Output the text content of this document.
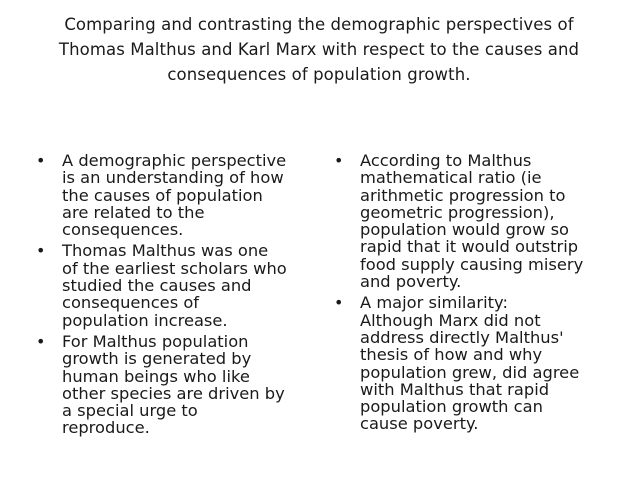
Comparing and contrasting the demographic perspectives of
Thomas Malthus and Karl Marx with respect to the causes and
consequences of population growth.
•	A demographic perspective
is an understanding of how
the causes of population
are related to the
consequences.
•	Thomas Malthus was one
of the earliest scholars who
studied the causes and
consequences of
population increase.
•	For Malthus population
growth is generated by
human beings who like
other species are driven by
a special urge to
reproduce.
•	According to Malthus
mathematical ratio (ie
arithmetic progression to
geometric progression),
population would grow so
rapid that it would outstrip
food supply causing misery
and poverty.
•	A major similarity:
Although Marx did not
address directly Malthus'
thesis of how and why
population grew, did agree
with Malthus that rapid
population growth can
cause poverty.
